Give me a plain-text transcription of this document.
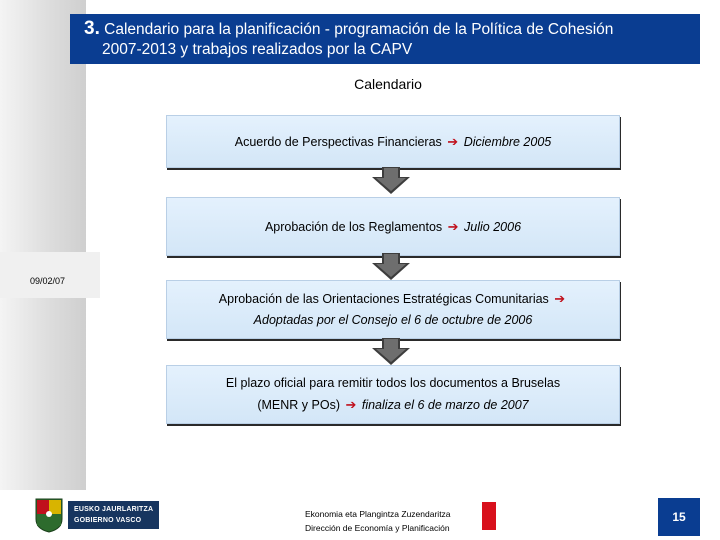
09/02/07
3. Calendario para la planificación - programación de la Política de Cohesión
2007-2013 y trabajos realizados por la CAPV
Calendario
Acuerdo de Perspectivas Financieras ➔ Diciembre 2005
Aprobación de los Reglamentos ➔ Julio 2006
Aprobación de las Orientaciones Estratégicas Comunitarias ➔
Adoptadas por el Consejo el 6 de octubre de 2006
El plazo oficial para remitir todos los documentos a Bruselas
(MENR y POs) ➔ finaliza el 6 de marzo de 2007
EUSKO JAURLARITZA
GOBIERNO VASCO
Ekonomia eta Plangintza Zuzendaritza
Dirección de Economía y Planificación
15
